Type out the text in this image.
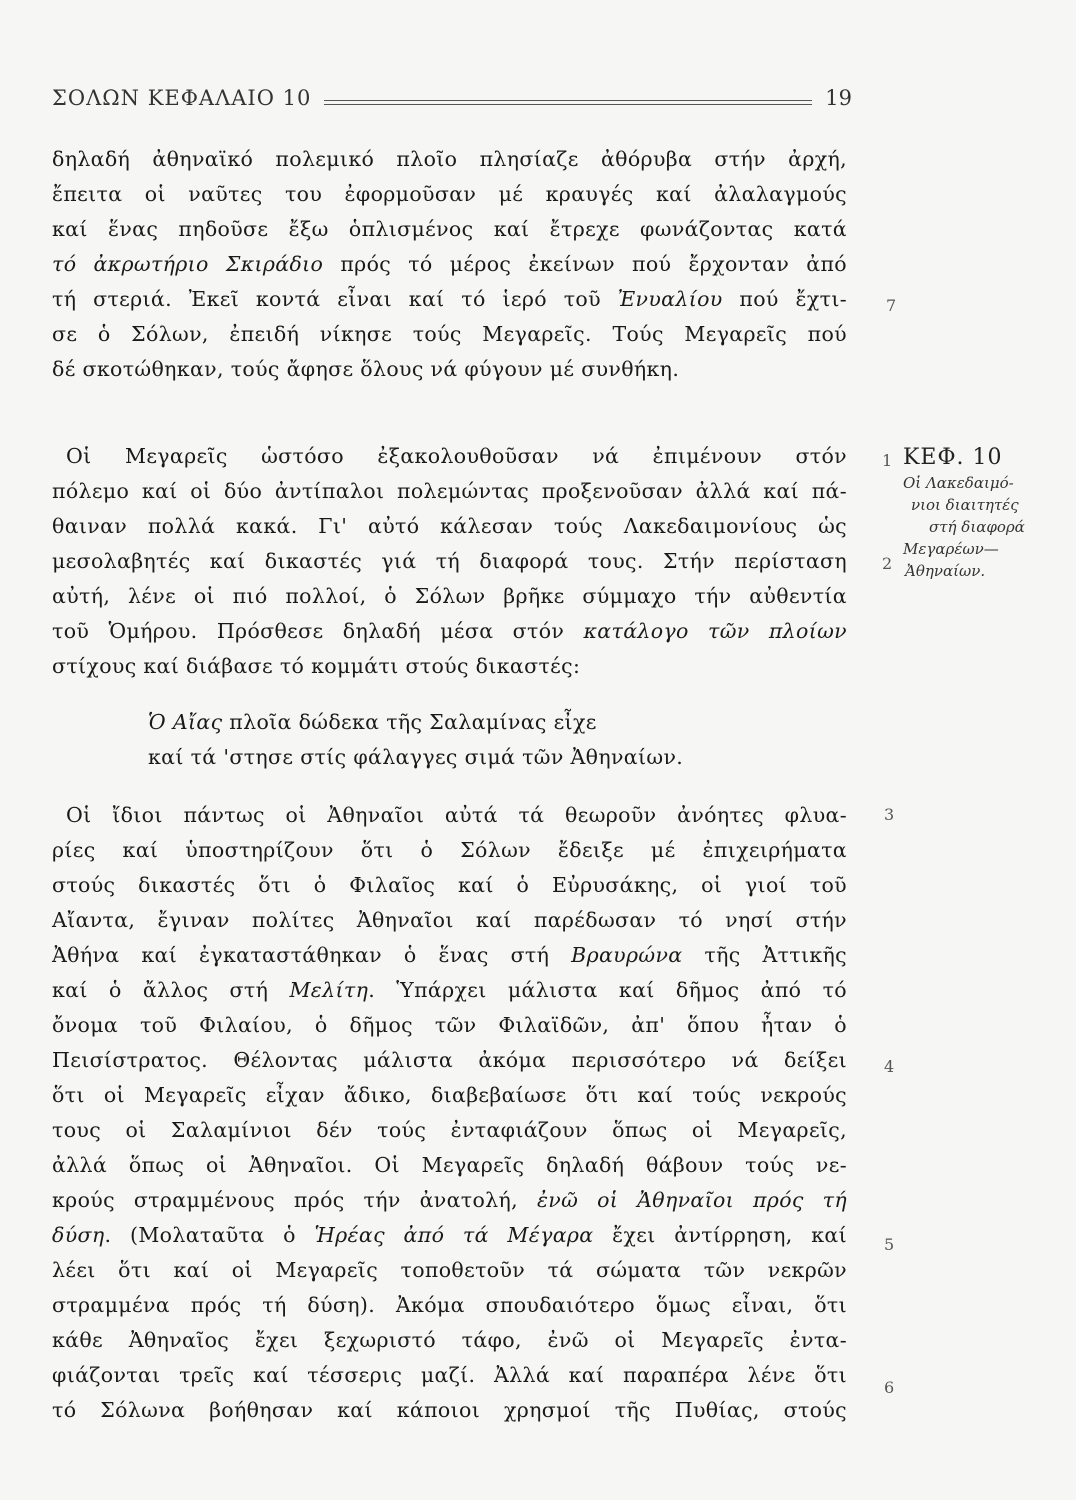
ΣΟΛΩΝ ΚΕΦΑΛΑΙΟ 10	19
δηλαδή ἀθηναϊκό πολεμικό πλοῖο πλησίαζε ἀθόρυβα στήν ἀρχή,
ἔπειτα οἱ ναῦτες του ἐφορμοῦσαν μέ κραυγές καί ἀλαλαγμούς
καί ἕνας πηδοῦσε ἔξω ὁπλισμένος καί ἔτρεχε φωνάζοντας κατά
τό ἀκρωτήριο Σκιράδιο πρός τό μέρος ἐκείνων πού ἔρχονταν ἀπό
τή στεριά. Ἐκεῖ κοντά εἶναι καί τό ἱερό τοῦ Ἐνυαλίου πού ἔχτι-
σε ὁ Σόλων, ἐπειδή νίκησε τούς Μεγαρεῖς. Τούς Μεγαρεῖς πού
δέ σκοτώθηκαν, τούς ἄφησε ὅλους νά φύγουν μέ συνθήκη.
Οἱ Μεγαρεῖς ὡστόσο ἐξακολουθοῦσαν νά ἐπιμένουν στόν
πόλεμο καί οἱ δύο ἀντίπαλοι πολεμώντας προξενοῦσαν ἀλλά καί πά-
θαιναν πολλά κακά. Γι' αὐτό κάλεσαν τούς Λακεδαιμονίους ὡς
μεσολαβητές καί δικαστές γιά τή διαφορά τους. Στήν περίσταση
αὐτή, λένε οἱ πιό πολλοί, ὁ Σόλων βρῆκε σύμμαχο τήν αὐθεντία
τοῦ Ὁμήρου. Πρόσθεσε δηλαδή μέσα στόν κατάλογο τῶν πλοίων
στίχους καί διάβασε τό κομμάτι στούς δικαστές:
Ὁ Αἴας πλοῖα δώδεκα τῆς Σαλαμίνας εἶχε
καί τά 'στησε στίς φάλαγγες σιμά τῶν Ἀθηναίων.
Οἱ ἴδιοι πάντως οἱ Ἀθηναῖοι αὐτά τά θεωροῦν ἀνόητες φλυα-
ρίες καί ὑποστηρίζουν ὅτι ὁ Σόλων ἔδειξε μέ ἐπιχειρήματα
στούς δικαστές ὅτι ὁ Φιλαῖος καί ὁ Εὐρυσάκης, οἱ γιοί τοῦ
Αἴαντα, ἔγιναν πολίτες Ἀθηναῖοι καί παρέδωσαν τό νησί στήν
Ἀθήνα καί ἐγκαταστάθηκαν ὁ ἕνας στή Βραυρώνα τῆς Ἀττικῆς
καί ὁ ἄλλος στή Μελίτη. Ὑπάρχει μάλιστα καί δῆμος ἀπό τό
ὄνομα τοῦ Φιλαίου, ὁ δῆμος τῶν Φιλαϊδῶν, ἀπ' ὅπου ἦταν ὁ
Πεισίστρατος. Θέλοντας μάλιστα ἀκόμα περισσότερο νά δείξει
ὅτι οἱ Μεγαρεῖς εἶχαν ἄδικο, διαβεβαίωσε ὅτι καί τούς νεκρούς
τους οἱ Σαλαμίνιοι δέν τούς ἐνταφιάζουν ὅπως οἱ Μεγαρεῖς,
ἀλλά ὅπως οἱ Ἀθηναῖοι. Οἱ Μεγαρεῖς δηλαδή θάβουν τούς νε-
κρούς στραμμένους πρός τήν ἀνατολή, ἐνῶ οἱ Ἀθηναῖοι πρός τή
δύση. (Μολαταῦτα ὁ Ἡρέας ἀπό τά Μέγαρα ἔχει ἀντίρρηση, καί
λέει ὅτι καί οἱ Μεγαρεῖς τοποθετοῦν τά σώματα τῶν νεκρῶν
στραμμένα πρός τή δύση). Ἀκόμα σπουδαιότερο ὅμως εἶναι, ὅτι
κάθε Ἀθηναῖος ἔχει ξεχωριστό τάφο, ἐνῶ οἱ Μεγαρεῖς ἐντα-
φιάζονται τρεῖς καί τέσσερις μαζί. Ἀλλά καί παραπέρα λένε ὅτι
τό Σόλωνα βοήθησαν καί κάποιοι χρησμοί τῆς Πυθίας, στούς
7
1
2
3
4
5
6
ΚΕΦ. 10
Οἱ Λακεδαιμό-
νιοι διαιτητές
στή διαφορά
Μεγαρέων—
Ἀθηναίων.
